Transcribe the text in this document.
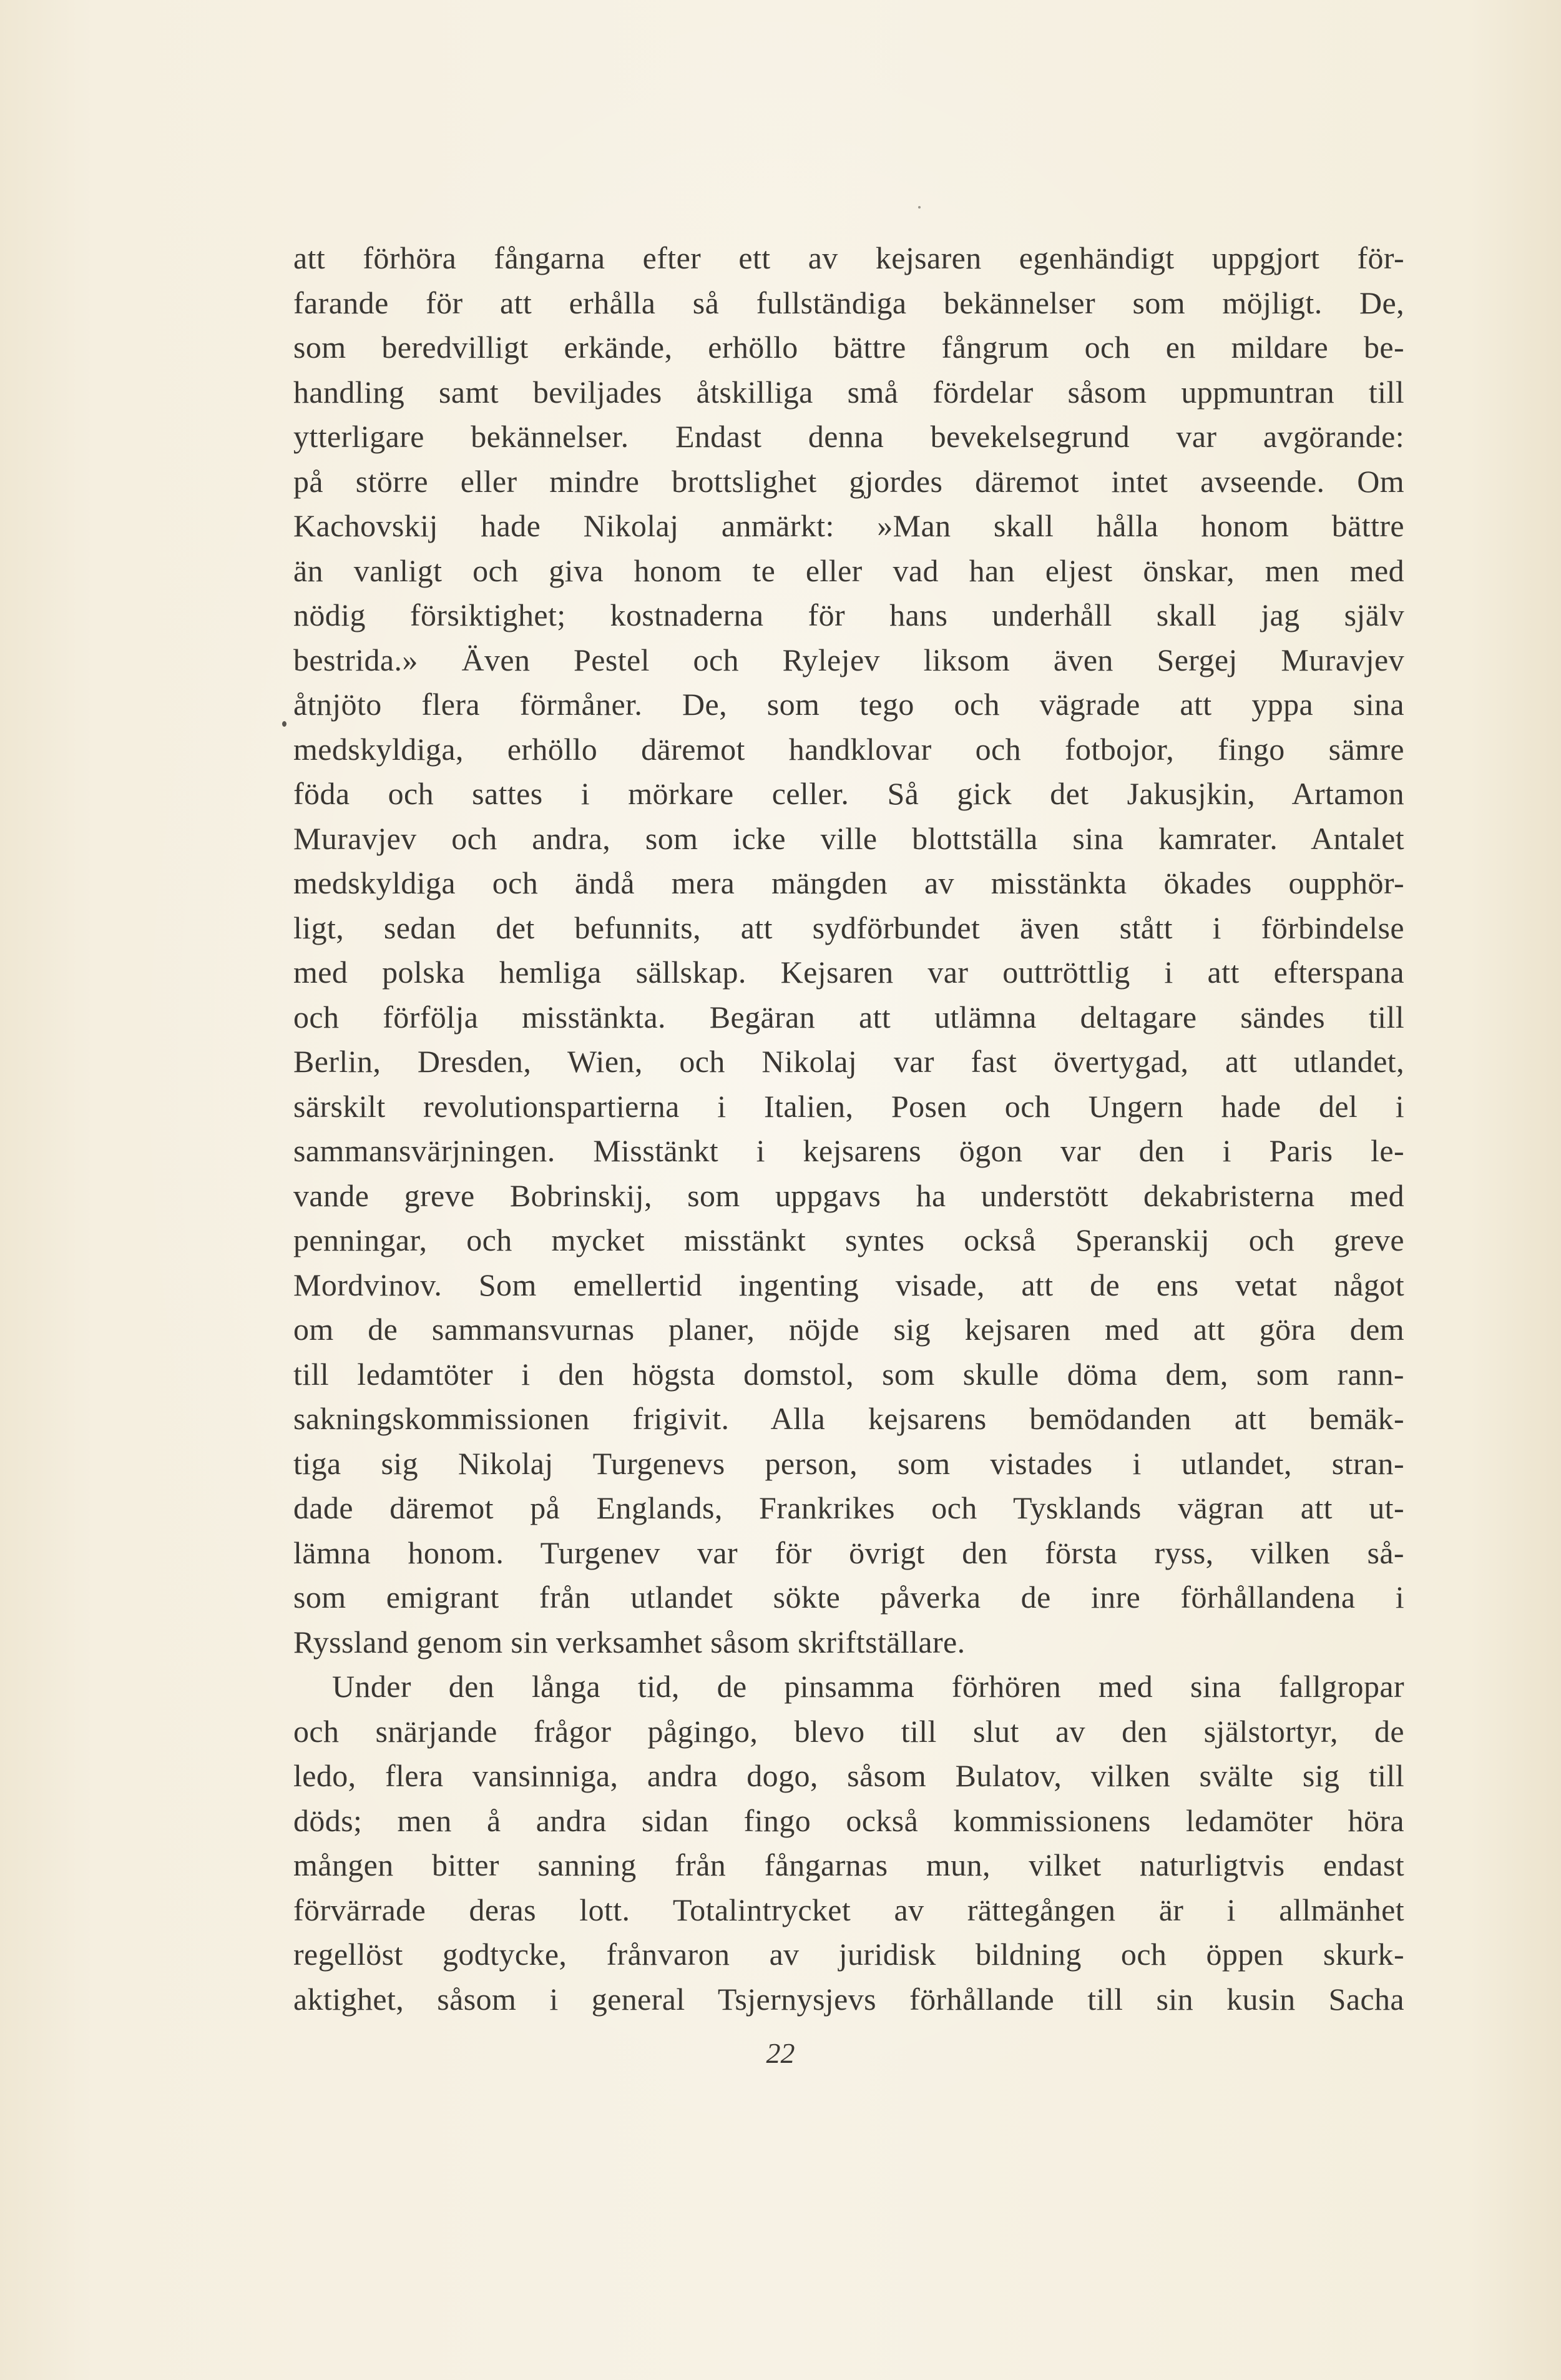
att förhöra fångarna efter ett av kejsaren egenhändigt uppgjort för-
farande för att erhålla så fullständiga bekännelser som möjligt. De,
som beredvilligt erkände, erhöllo bättre fångrum och en mildare be-
handling samt beviljades åtskilliga små fördelar såsom uppmuntran till
ytterligare bekännelser. Endast denna bevekelsegrund var avgörande:
på större eller mindre brottslighet gjordes däremot intet avseende. Om
Kachovskij hade Nikolaj anmärkt: »Man skall hålla honom bättre
än vanligt och giva honom te eller vad han eljest önskar, men med
nödig försiktighet; kostnaderna för hans underhåll skall jag själv
bestrida.» Även Pestel och Rylejev liksom även Sergej Muravjev
åtnjöto flera förmåner. De, som tego och vägrade att yppa sina
medskyldiga, erhöllo däremot handklovar och fotbojor, fingo sämre
föda och sattes i mörkare celler. Så gick det Jakusjkin, Artamon
Muravjev och andra, som icke ville blottställa sina kamrater. Antalet
medskyldiga och ändå mera mängden av misstänkta ökades oupphör-
ligt, sedan det befunnits, att sydförbundet även stått i förbindelse
med polska hemliga sällskap. Kejsaren var outtröttlig i att efterspana
och förfölja misstänkta. Begäran att utlämna deltagare sändes till
Berlin, Dresden, Wien, och Nikolaj var fast övertygad, att utlandet,
särskilt revolutionspartierna i Italien, Posen och Ungern hade del i
sammansvärjningen. Misstänkt i kejsarens ögon var den i Paris le-
vande greve Bobrinskij, som uppgavs ha understött dekabristerna med
penningar, och mycket misstänkt syntes också Speranskij och greve
Mordvinov. Som emellertid ingenting visade, att de ens vetat något
om de sammansvurnas planer, nöjde sig kejsaren med att göra dem
till ledamtöter i den högsta domstol, som skulle döma dem, som rann-
sakningskommissionen frigivit. Alla kejsarens bemödanden att bemäk-
tiga sig Nikolaj Turgenevs person, som vistades i utlandet, stran-
dade däremot på Englands, Frankrikes och Tysklands vägran att ut-
lämna honom. Turgenev var för övrigt den första ryss, vilken så-
som emigrant från utlandet sökte påverka de inre förhållandena i
Ryssland genom sin verksamhet såsom skriftställare.
Under den långa tid, de pinsamma förhören med sina fallgropar
och snärjande frågor pågingo, blevo till slut av den själstortyr, de
ledo, flera vansinniga, andra dogo, såsom Bulatov, vilken svälte sig till
döds; men å andra sidan fingo också kommissionens ledamöter höra
mången bitter sanning från fångarnas mun, vilket naturligtvis endast
förvärrade deras lott. Totalintrycket av rättegången är i allmänhet
regellöst godtycke, frånvaron av juridisk bildning och öppen skurk-
aktighet, såsom i general Tsjernysjevs förhållande till sin kusin Sacha
22
